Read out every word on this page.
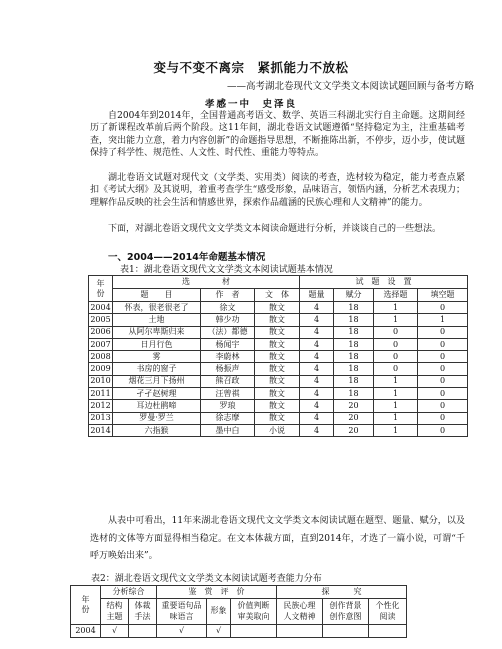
变与不变不离宗　紧抓能力不放松
——高考湖北卷现代文文学类文本阅读试题回顾与备考方略
孝感一中　史泽良

自2004年到2014年，全国普通高考语文、数学、英语三科湖北实行自主命题。这期间经历了新课程改革前后两个阶段。这11年间，湖北卷语文试题遵循“坚持稳定为主，注重基础考查，突出能力立意，着力内容创新”的命题指导思想，不断推陈出新，不停步，迈小步，使试题保持了科学性、规范性、人文性、时代性、重能力等特点。

湖北卷语文试题对现代文（文学类、实用类）阅读的考查，选材较为稳定，能力考查点紧扣《考试大纲》及其说明，着重考查学生“感受形象，品味语言，领悟内涵，分析艺术表现力；理解作品反映的社会生活和情感世界，探索作品蕴涵的民族心理和人文精神”的能力。

下面，对湖北卷语文现代文文学类文本阅读命题进行分析，并谈谈自己的一些想法。

一、2004——2014年命题基本情况
表1：湖北卷语文现代文文学类文本阅读试题基本情况
年份	选　　　　材			试　题　设　置			
	题　　目	作　者	文　体	题量	赋分	选择题	填空题
2004	怀表，很老很老了	徐文	散文	4	18	1	0
2005	土地	韩少功	散文	4	18	1	1
2006	从阿尔卑斯归来	（法）都德	散文	4	18	0	0
2007	日月行色	杨闻宇	散文	4	18	0	0
2008	雾	李蔚林	散文	4	18	0	0
2009	书房的窗子	杨振声	散文	4	18	0	0
2010	烟花三月下扬州	熊召政	散文	4	18	1	0
2011	孑孑赵树理	汪曾祺	散文	4	18	1	0
2012	耳边杜鹃啼	罗琅	散文	4	20	1	0
2013	罗曼·罗兰	徐志摩	散文	4	20	1	0
2014	六指猴	墨中白	小说	4	20	1	0

从表中可看出，11年来湖北卷语文现代文文学类文本阅读试题在题型、题量、赋分，以及选材的文体等方面显得相当稳定。在文本体裁方面，直到2014年，才选了一篇小说，可谓“千呼万唤始出来”。

表2：湖北卷语文现代文文学类文本阅读试题考查能力分布
年份	分析综合		鉴　赏　评　价			探　　　究		
	结构主题	体裁手法	重要语句品味语言	形象	价值判断审美取向	民族心理人文精神	创作背景创作意图	个性化阅读
2004	√		√	√				
